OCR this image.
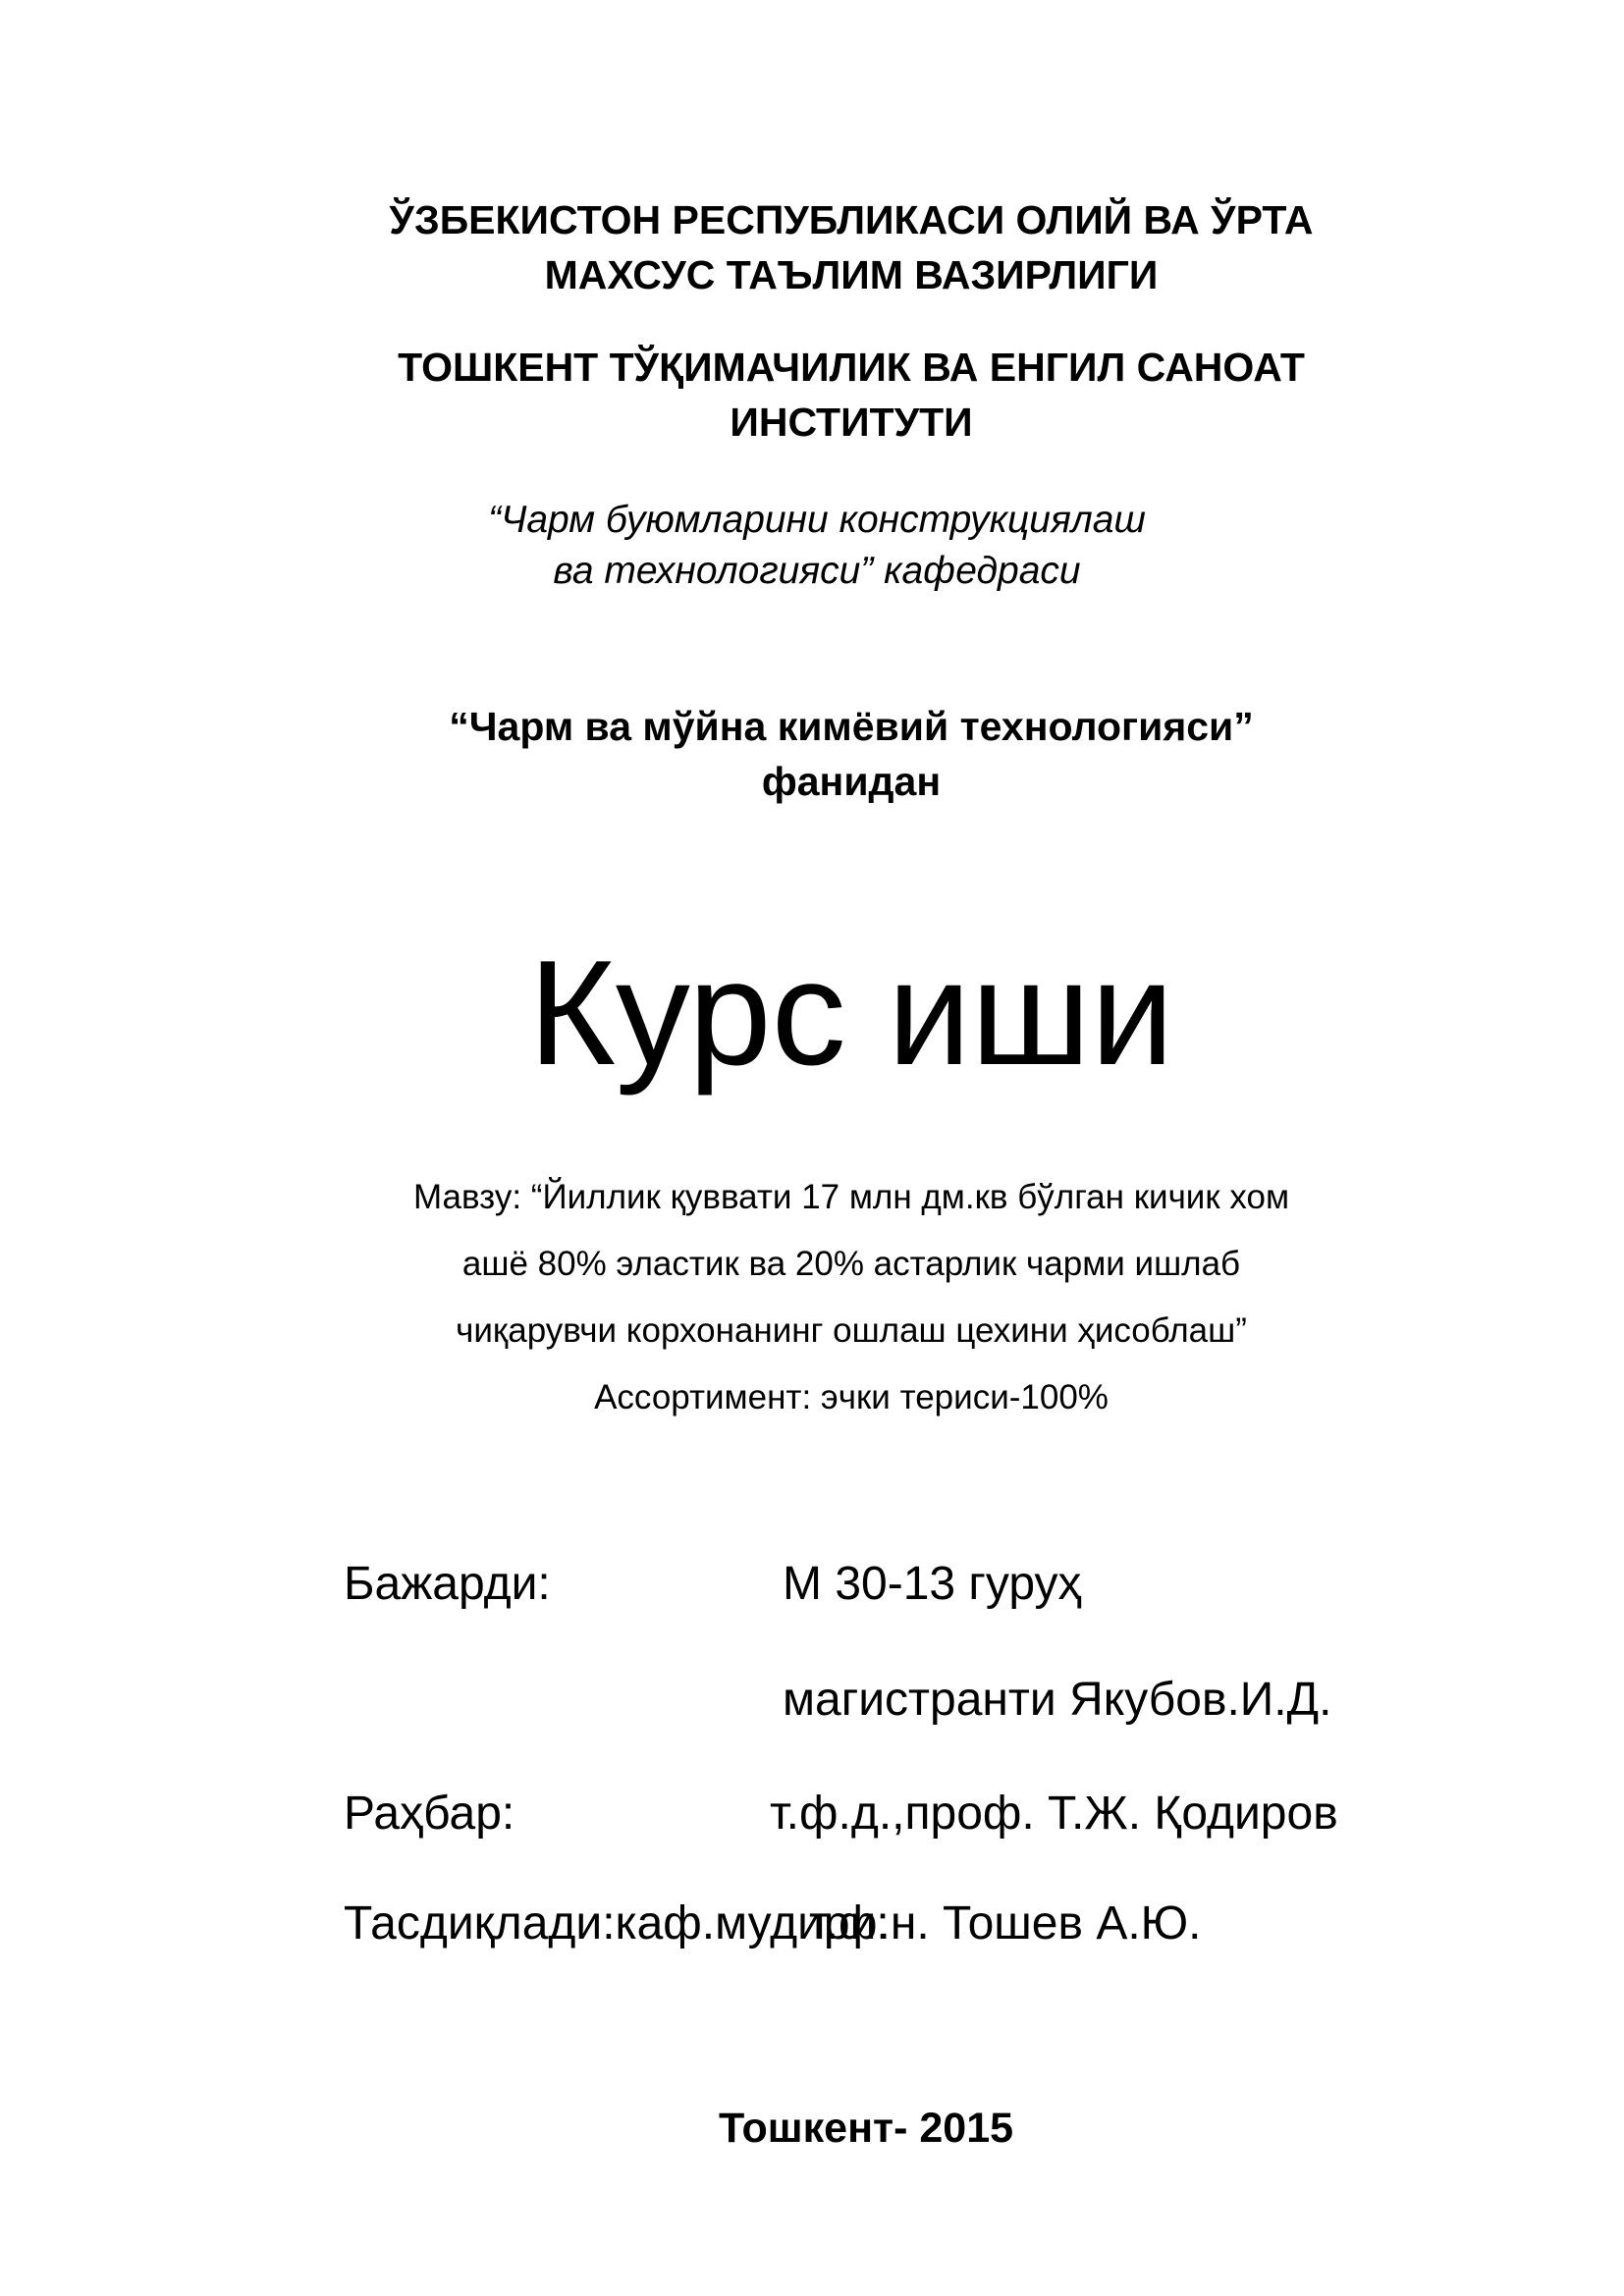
ЎЗБЕКИСТОН РЕСПУБЛИКАСИ ОЛИЙ ВА ЎРТА
МАХСУС ТАЪЛИМ ВАЗИРЛИГИ
ТОШКЕНТ ТЎҚИМАЧИЛИК ВА ЕНГИЛ САНОАТ
ИНСТИТУТИ
“Чарм буюмларини конструкциялаш
ва технологияси” кафедраси
“Чарм ва мўйна кимёвий технологияси”
фанидан
Курс иши
Мавзу: “Йиллик қуввати 17 млн дм.кв бўлган кичик хом
ашё 80% эластик ва 20% астарлик чарми ишлаб
чиқарувчи корхонанинг ошлаш цехини ҳисоблаш”
Ассортимент: эчки териси-100%
Бажарди:	М 30-13 гуруҳ
магистранти Якубов.И.Д.
Раҳбар:	т.ф.д.,проф. Т.Ж. Қодиров
Тасдиқлади:каф.мудири:
т.ф.н. Тошев А.Ю.
Тошкент- 2015
